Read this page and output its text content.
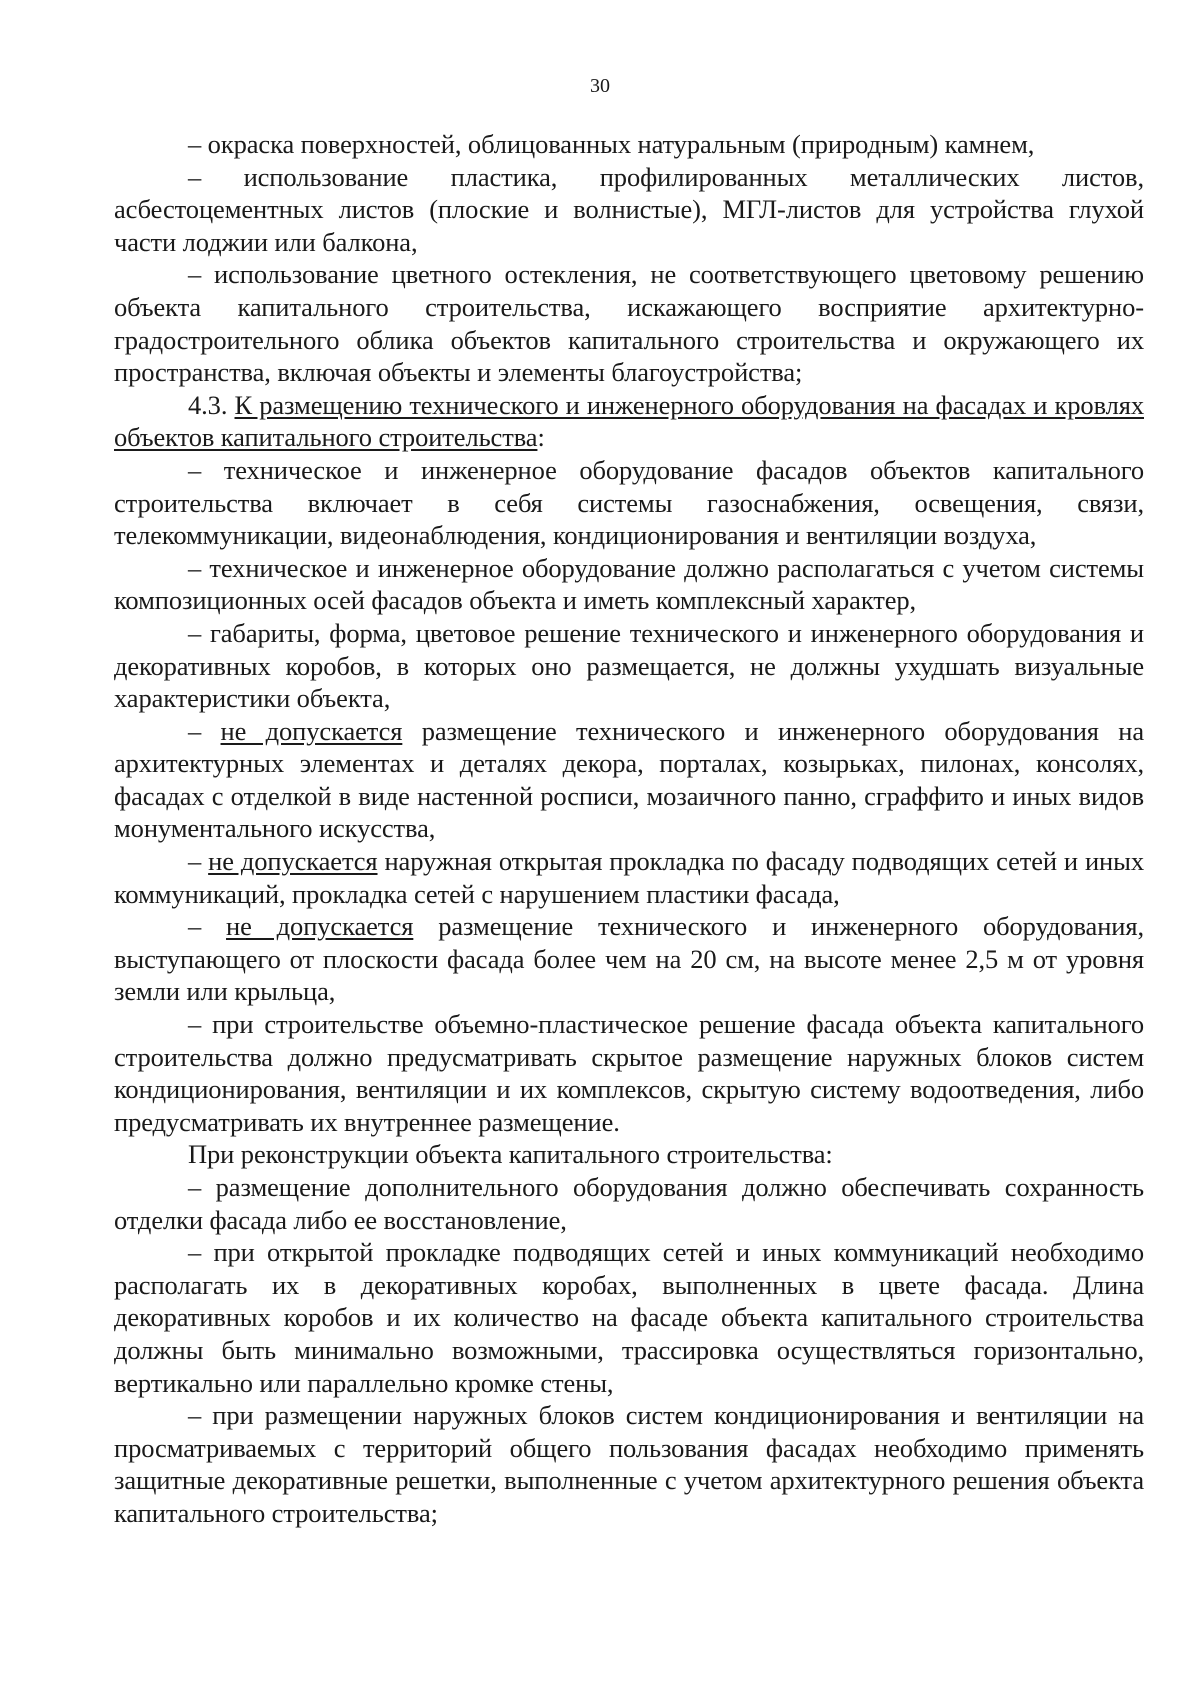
30

– окраска поверхностей, облицованных натуральным (природным) камнем,

– использование пластика, профилированных металлических листов, асбестоцементных листов (плоские и волнистые), МГЛ-листов для устройства глухой части лоджии или балкона,

– использование цветного остекления, не соответствующего цветовому решению объекта капитального строительства, искажающего восприятие архитектурно-градостроительного облика объектов капитального строительства и окружающего их пространства, включая объекты и элементы благоустройства;

4.3. К размещению технического и инженерного оборудования на фасадах и кровлях объектов капитального строительства:

– техническое и инженерное оборудование фасадов объектов капитального строительства включает в себя системы газоснабжения, освещения, связи, телекоммуникации, видеонаблюдения, кондиционирования и вентиляции воздуха,

– техническое и инженерное оборудование должно располагаться с учетом системы композиционных осей фасадов объекта и иметь комплексный характер,

– габариты, форма, цветовое решение технического и инженерного оборудования и декоративных коробов, в которых оно размещается, не должны ухудшать визуальные характеристики объекта,

– не допускается размещение технического и инженерного оборудования на архитектурных элементах и деталях декора, порталах, козырьках, пилонах, консолях, фасадах с отделкой в виде настенной росписи, мозаичного панно, сграффито и иных видов монументального искусства,

– не допускается наружная открытая прокладка по фасаду подводящих сетей и иных коммуникаций, прокладка сетей с нарушением пластики фасада,

– не допускается размещение технического и инженерного оборудования, выступающего от плоскости фасада более чем на 20 см, на высоте менее 2,5 м от уровня земли или крыльца,

– при строительстве объемно-пластическое решение фасада объекта капитального строительства должно предусматривать скрытое размещение наружных блоков систем кондиционирования, вентиляции и их комплексов, скрытую систему водоотведения, либо предусматривать их внутреннее размещение.

При реконструкции объекта капитального строительства:

– размещение дополнительного оборудования должно обеспечивать сохранность отделки фасада либо ее восстановление,

– при открытой прокладке подводящих сетей и иных коммуникаций необходимо располагать их в декоративных коробах, выполненных в цвете фасада. Длина декоративных коробов и их количество на фасаде объекта капитального строительства должны быть минимально возможными, трассировка осуществляться горизонтально, вертикально или параллельно кромке стены,

– при размещении наружных блоков систем кондиционирования и вентиляции на просматриваемых с территорий общего пользования фасадах необходимо применять защитные декоративные решетки, выполненные с учетом архитектурного решения объекта капитального строительства;
